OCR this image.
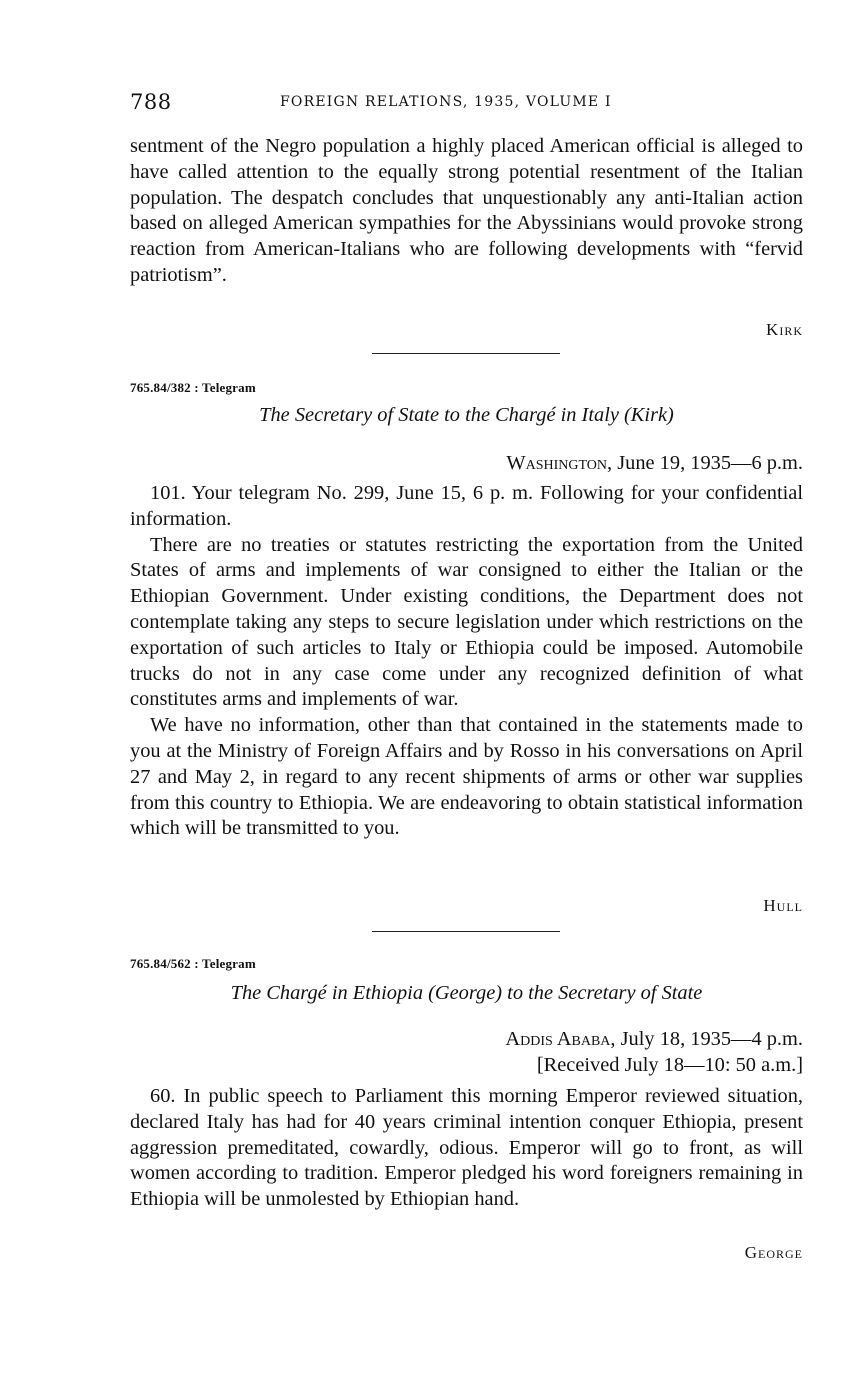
788	FOREIGN RELATIONS, 1935, VOLUME I

sentment of the Negro population a highly placed American official is alleged to have called attention to the equally strong potential resentment of the Italian population. The despatch concludes that unquestionably any anti-Italian action based on alleged American sympathies for the Abyssinians would provoke strong reaction from American-Italians who are following developments with “fervid patriotism”.

Kirk
765.84/382 : Telegram
The Secretary of State to the Chargé in Italy (Kirk)
Washington, June 19, 1935—6 p.m.

101. Your telegram No. 299, June 15, 6 p. m. Following for your confidential information.

There are no treaties or statutes restricting the exportation from the United States of arms and implements of war consigned to either the Italian or the Ethiopian Government. Under existing conditions, the Department does not contemplate taking any steps to secure legislation under which restrictions on the exportation of such articles to Italy or Ethiopia could be imposed. Automobile trucks do not in any case come under any recognized definition of what constitutes arms and implements of war.

We have no information, other than that contained in the statements made to you at the Ministry of Foreign Affairs and by Rosso in his conversations on April 27 and May 2, in regard to any recent shipments of arms or other war supplies from this country to Ethiopia. We are endeavoring to obtain statistical information which will be transmitted to you.

Hull
765.84/562 : Telegram
The Chargé in Ethiopia (George) to the Secretary of State
Addis Ababa, July 18, 1935—4 p.m.
[Received July 18—10: 50 a.m.]

60. In public speech to Parliament this morning Emperor reviewed situation, declared Italy has had for 40 years criminal intention conquer Ethiopia, present aggression premeditated, cowardly, odious. Emperor will go to front, as will women according to tradition. Emperor pledged his word foreigners remaining in Ethiopia will be unmolested by Ethiopian hand.

George
